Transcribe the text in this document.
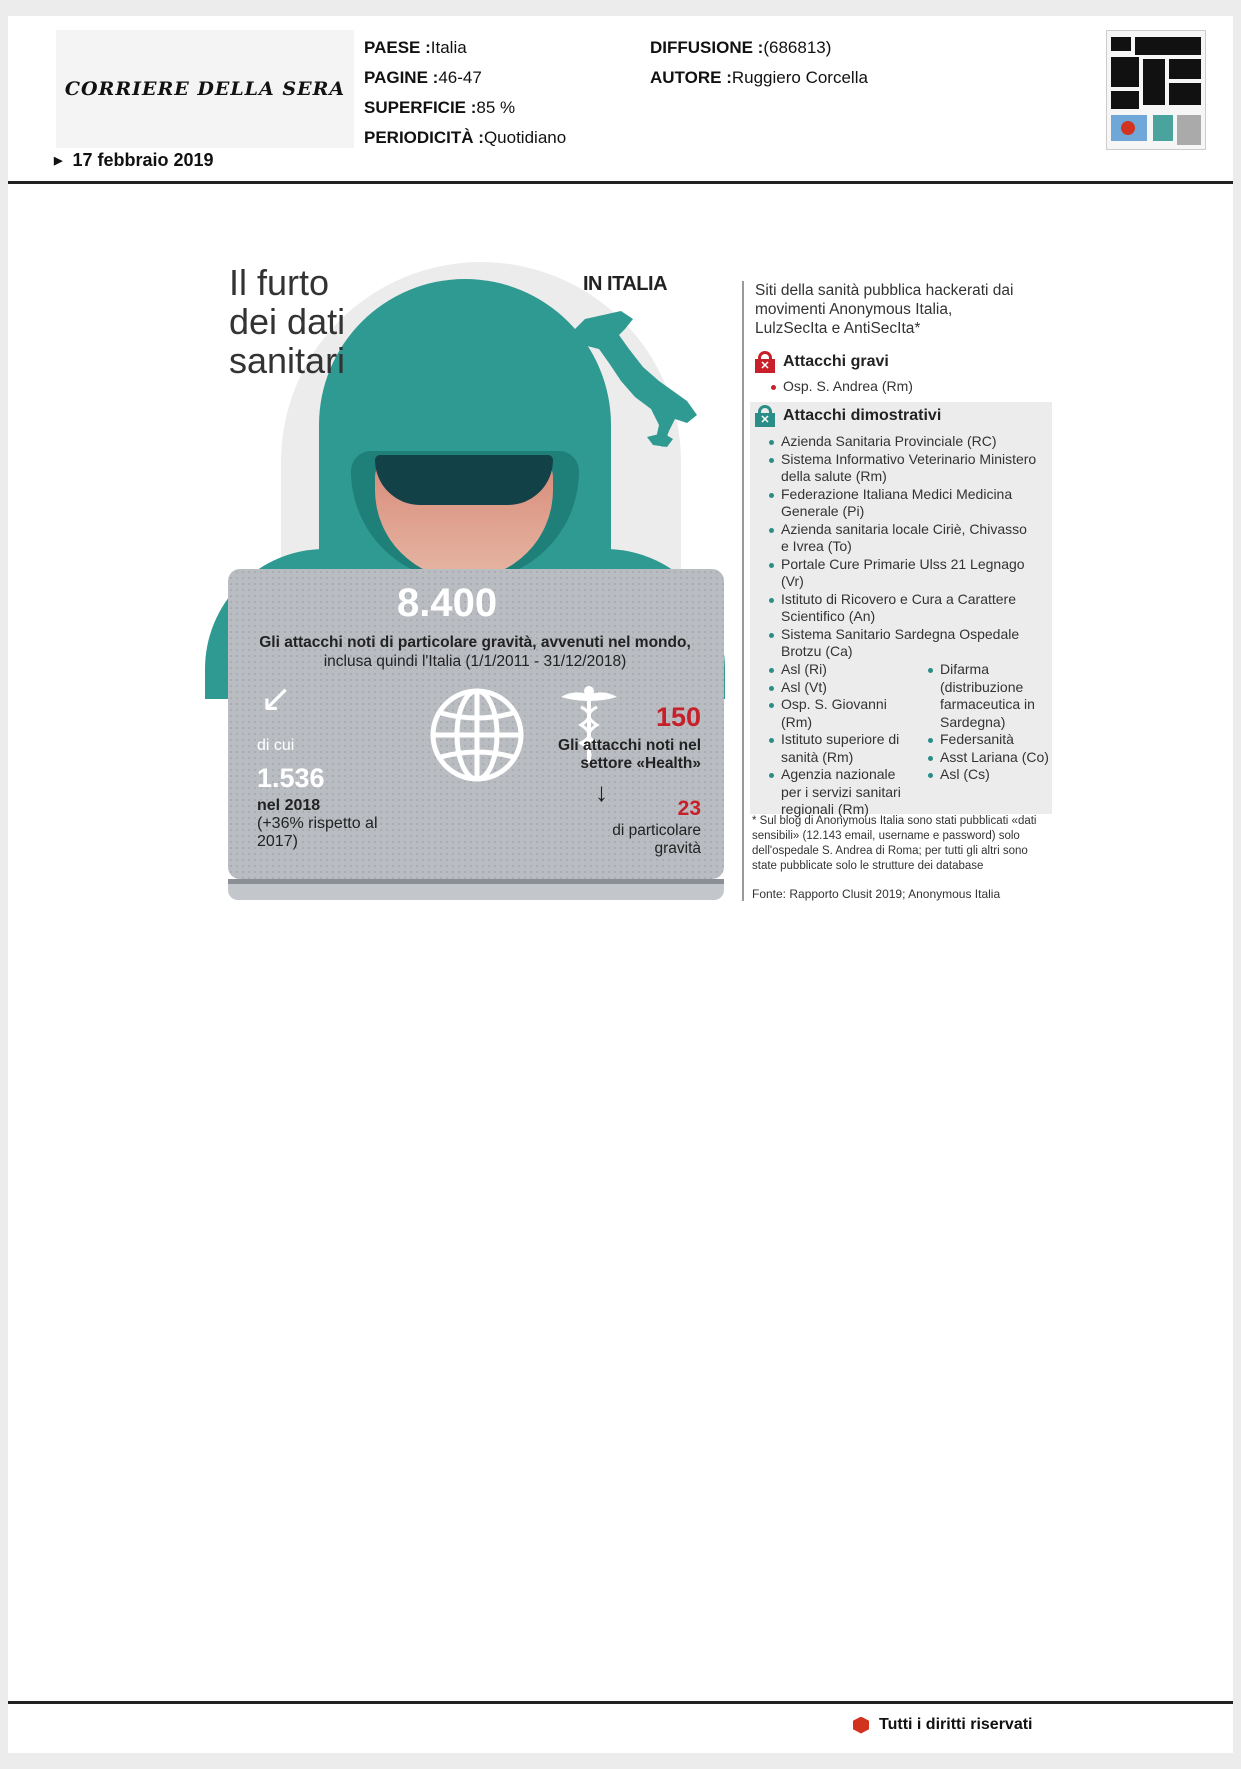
CORRIERE DELLA SERA
▶ 17 febbraio 2019
PAESE :Italia
PAGINE :46-47
SUPERFICIE :85 %
PERIODICITÀ :Quotidiano
DIFFUSIONE :(686813)
AUTORE :Ruggiero Corcella
Il furto
dei dati
sanitari
8.400
Gli attacchi noti di particolare gravità, avvenuti nel mondo,
inclusa quindi l'Italia (1/1/2011 - 31/12/2018)
↙
di cui
1.536
nel 2018
(+36% rispetto al 2017)
150
Gli attacchi noti nel settore «Health»
↓
23
di particolare gravità
IN ITALIA	Siti della sanità pubblica hackerati dai movimenti Anonymous Italia, LulzSecIta e AntiSecIta*
✕ Attacchi gravi
Osp. S. Andrea (Rm)
✕ Attacchi dimostrativi
Azienda Sanitaria Provinciale (RC)
Sistema Informativo Veterinario Ministero della salute (Rm)
Federazione Italiana Medici Medicina Generale (Pi)
Azienda sanitaria locale Ciriè, Chivasso e Ivrea (To)
Portale Cure Primarie Ulss 21 Legnago (Vr)
Istituto di Ricovero e Cura a Carattere Scientifico (An)
Sistema Sanitario Sardegna Ospedale Brotzu (Ca)
Asl (Ri)
Asl (Vt)
Osp. S. Giovanni (Rm)
Istituto superiore di sanità (Rm)
Agenzia nazionale per i servizi sanitari regionali (Rm)
Difarma (distribuzione farmaceutica in Sardegna)
Federsanità
Asst Lariana (Co)
Asl (Cs)
* Sul blog di Anonymous Italia sono stati pubblicati «dati sensibili» (12.143 email, username e password) solo dell'ospedale S. Andrea di Roma; per tutti gli altri sono state pubblicate solo le strutture dei database
Fonte: Rapporto Clusit 2019; Anonymous Italia
Tutti i diritti riservati
